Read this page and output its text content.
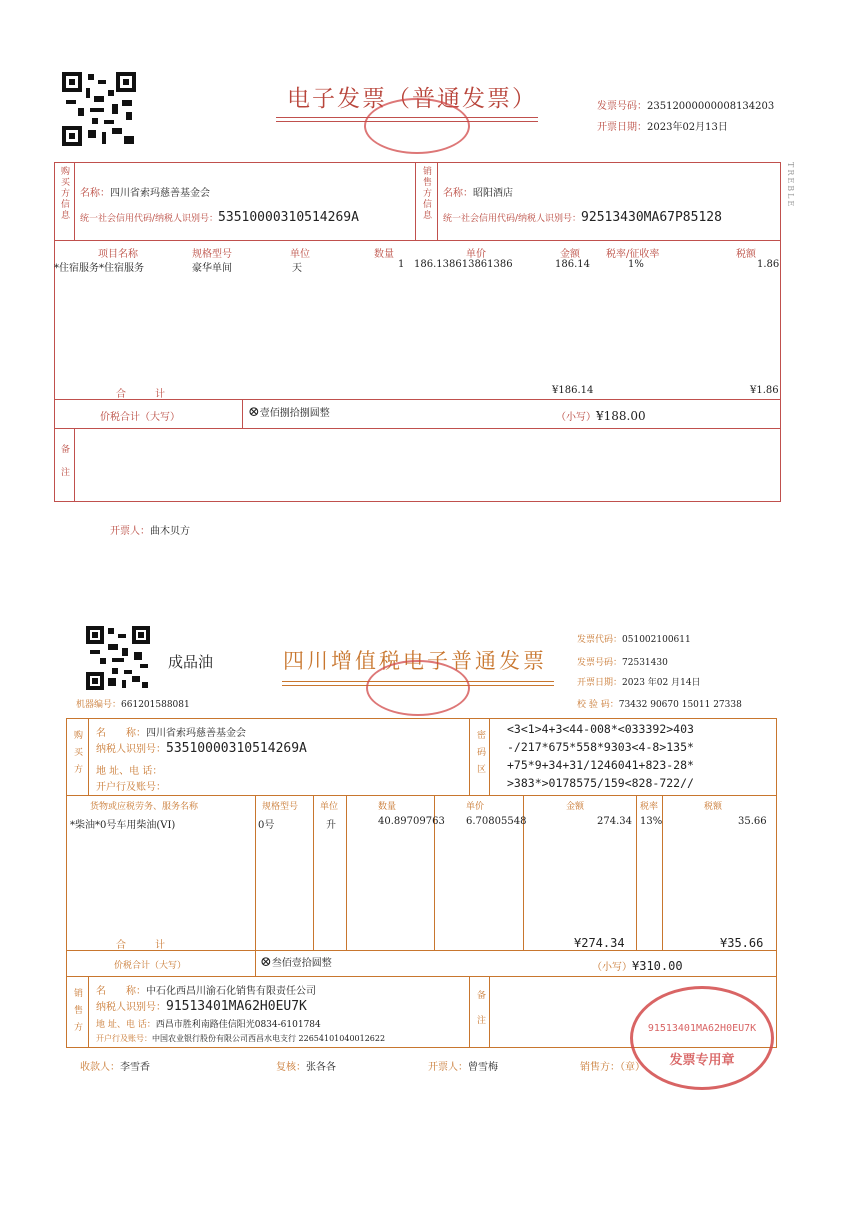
电子发票（普通发票）	发票号码：23512000000008134203
开票日期：2023年02月13日
TREBLE
购买方信息 名称：四川省索玛慈善基金会
统一社会信用代码/纳税人识别号：53510000310514269A	销售方信息 名称：昭阳酒店
统一社会信用代码/纳税人识别号：92513430MA67P85128
项目名称	规格型号	单位	数量	单价	金额	税率/征收率	税额
*住宿服务*住宿服务	豪华单间	天	1 186.138613861386	186.14	1%	1.86
合　　计	¥186.14	¥1.86
价税合计（大写）	⊗壹佰捌拾捌圆整	（小写）¥188.00
备注
开票人：曲木贝方
成品油	四川增值税电子普通发票
发票代码：051002100611
发票号码：72531430
开票日期：2023 年02 月14日
校 验 码：73432 90670 15011 27338
机器编号：661201588081
购买方 名　　称：四川省索玛慈善基金会
纳税人识别号：53510000310514269A
地 址、电 话：
开户行及账号：
密码区
<3<1>4+3<44-008*<033392>403
-/217*675*558*9303<4-8>135*
+75*9+34+31/1246041+823-28*
>383*>0178575/159<828-722//
货物或应税劳务、服务名称	规格型号 单位	数量	单价	金额	税率	税额
*柴油*0号车用柴油(VI)	0号	升	40.89709763 6.70805548	274.34 13%	35.66
合　　计	¥274.34	¥35.66
价税合计（大写）	⊗叁佰壹拾圆整	（小写）¥310.00
销售方 名　　称：中石化西昌川渝石化销售有限责任公司
纳税人识别号：91513401MA62H0EU7K
地 址、电 话：西昌市胜利南路佳信阳光0834-6101784
开户行及账号：中国农业银行股份有限公司西昌水电支行 22654101040012622	备注	91513401MA62H0EU7K
发票专用章
收款人：李雪香	复核：张各各	开票人：曾雪梅	销售方：（章）
